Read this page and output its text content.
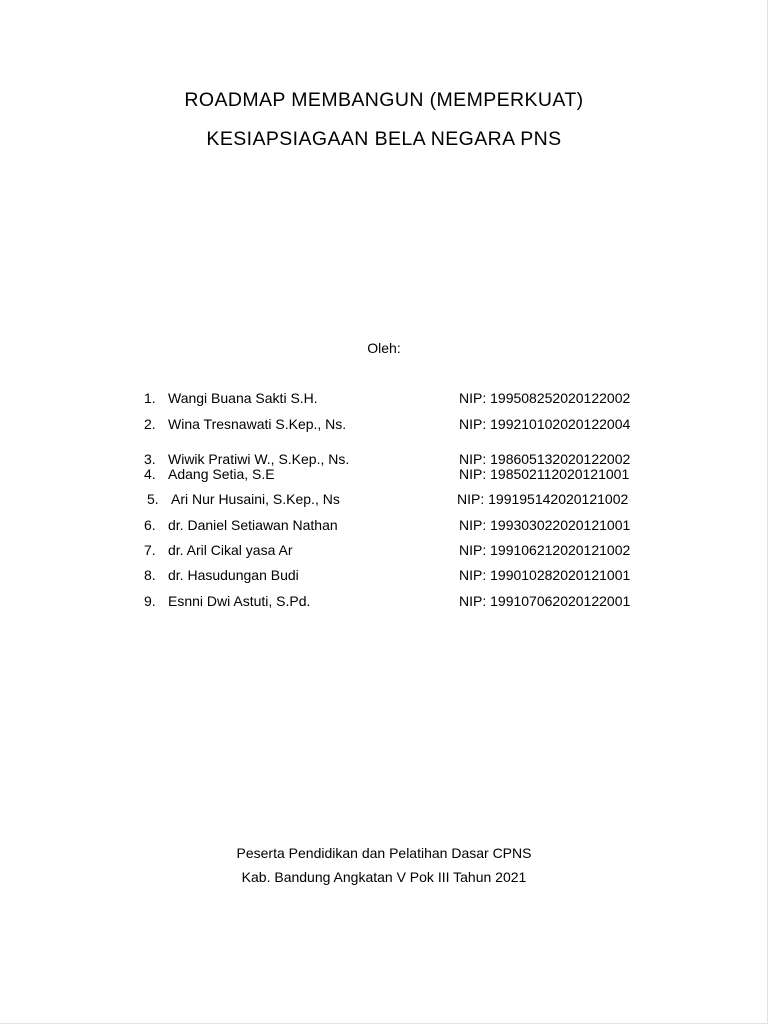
ROADMAP MEMBANGUN (MEMPERKUAT)
KESIAPSIAGAAN BELA NEGARA PNS
Oleh:
1. Wangi Buana Sakti S.H.	NIP: 199508252020122002
2. Wina Tresnawati S.Kep., Ns.	NIP: 199210102020122004
3. Wiwik Pratiwi W., S.Kep., Ns.	NIP: 198605132020122002
4. Adang Setia, S.E	NIP: 198502112020121001
5. Ari Nur Husaini, S.Kep., Ns	NIP: 199195142020121002
6. dr. Daniel Setiawan Nathan	NIP: 199303022020121001
7. dr. Aril Cikal yasa Ar	NIP: 199106212020121002
8. dr. Hasudungan Budi	NIP: 199010282020121001
9. Esnni Dwi Astuti, S.Pd.	NIP: 199107062020122001
Peserta Pendidikan dan Pelatihan Dasar CPNS
Kab. Bandung Angkatan V Pok III Tahun 2021
